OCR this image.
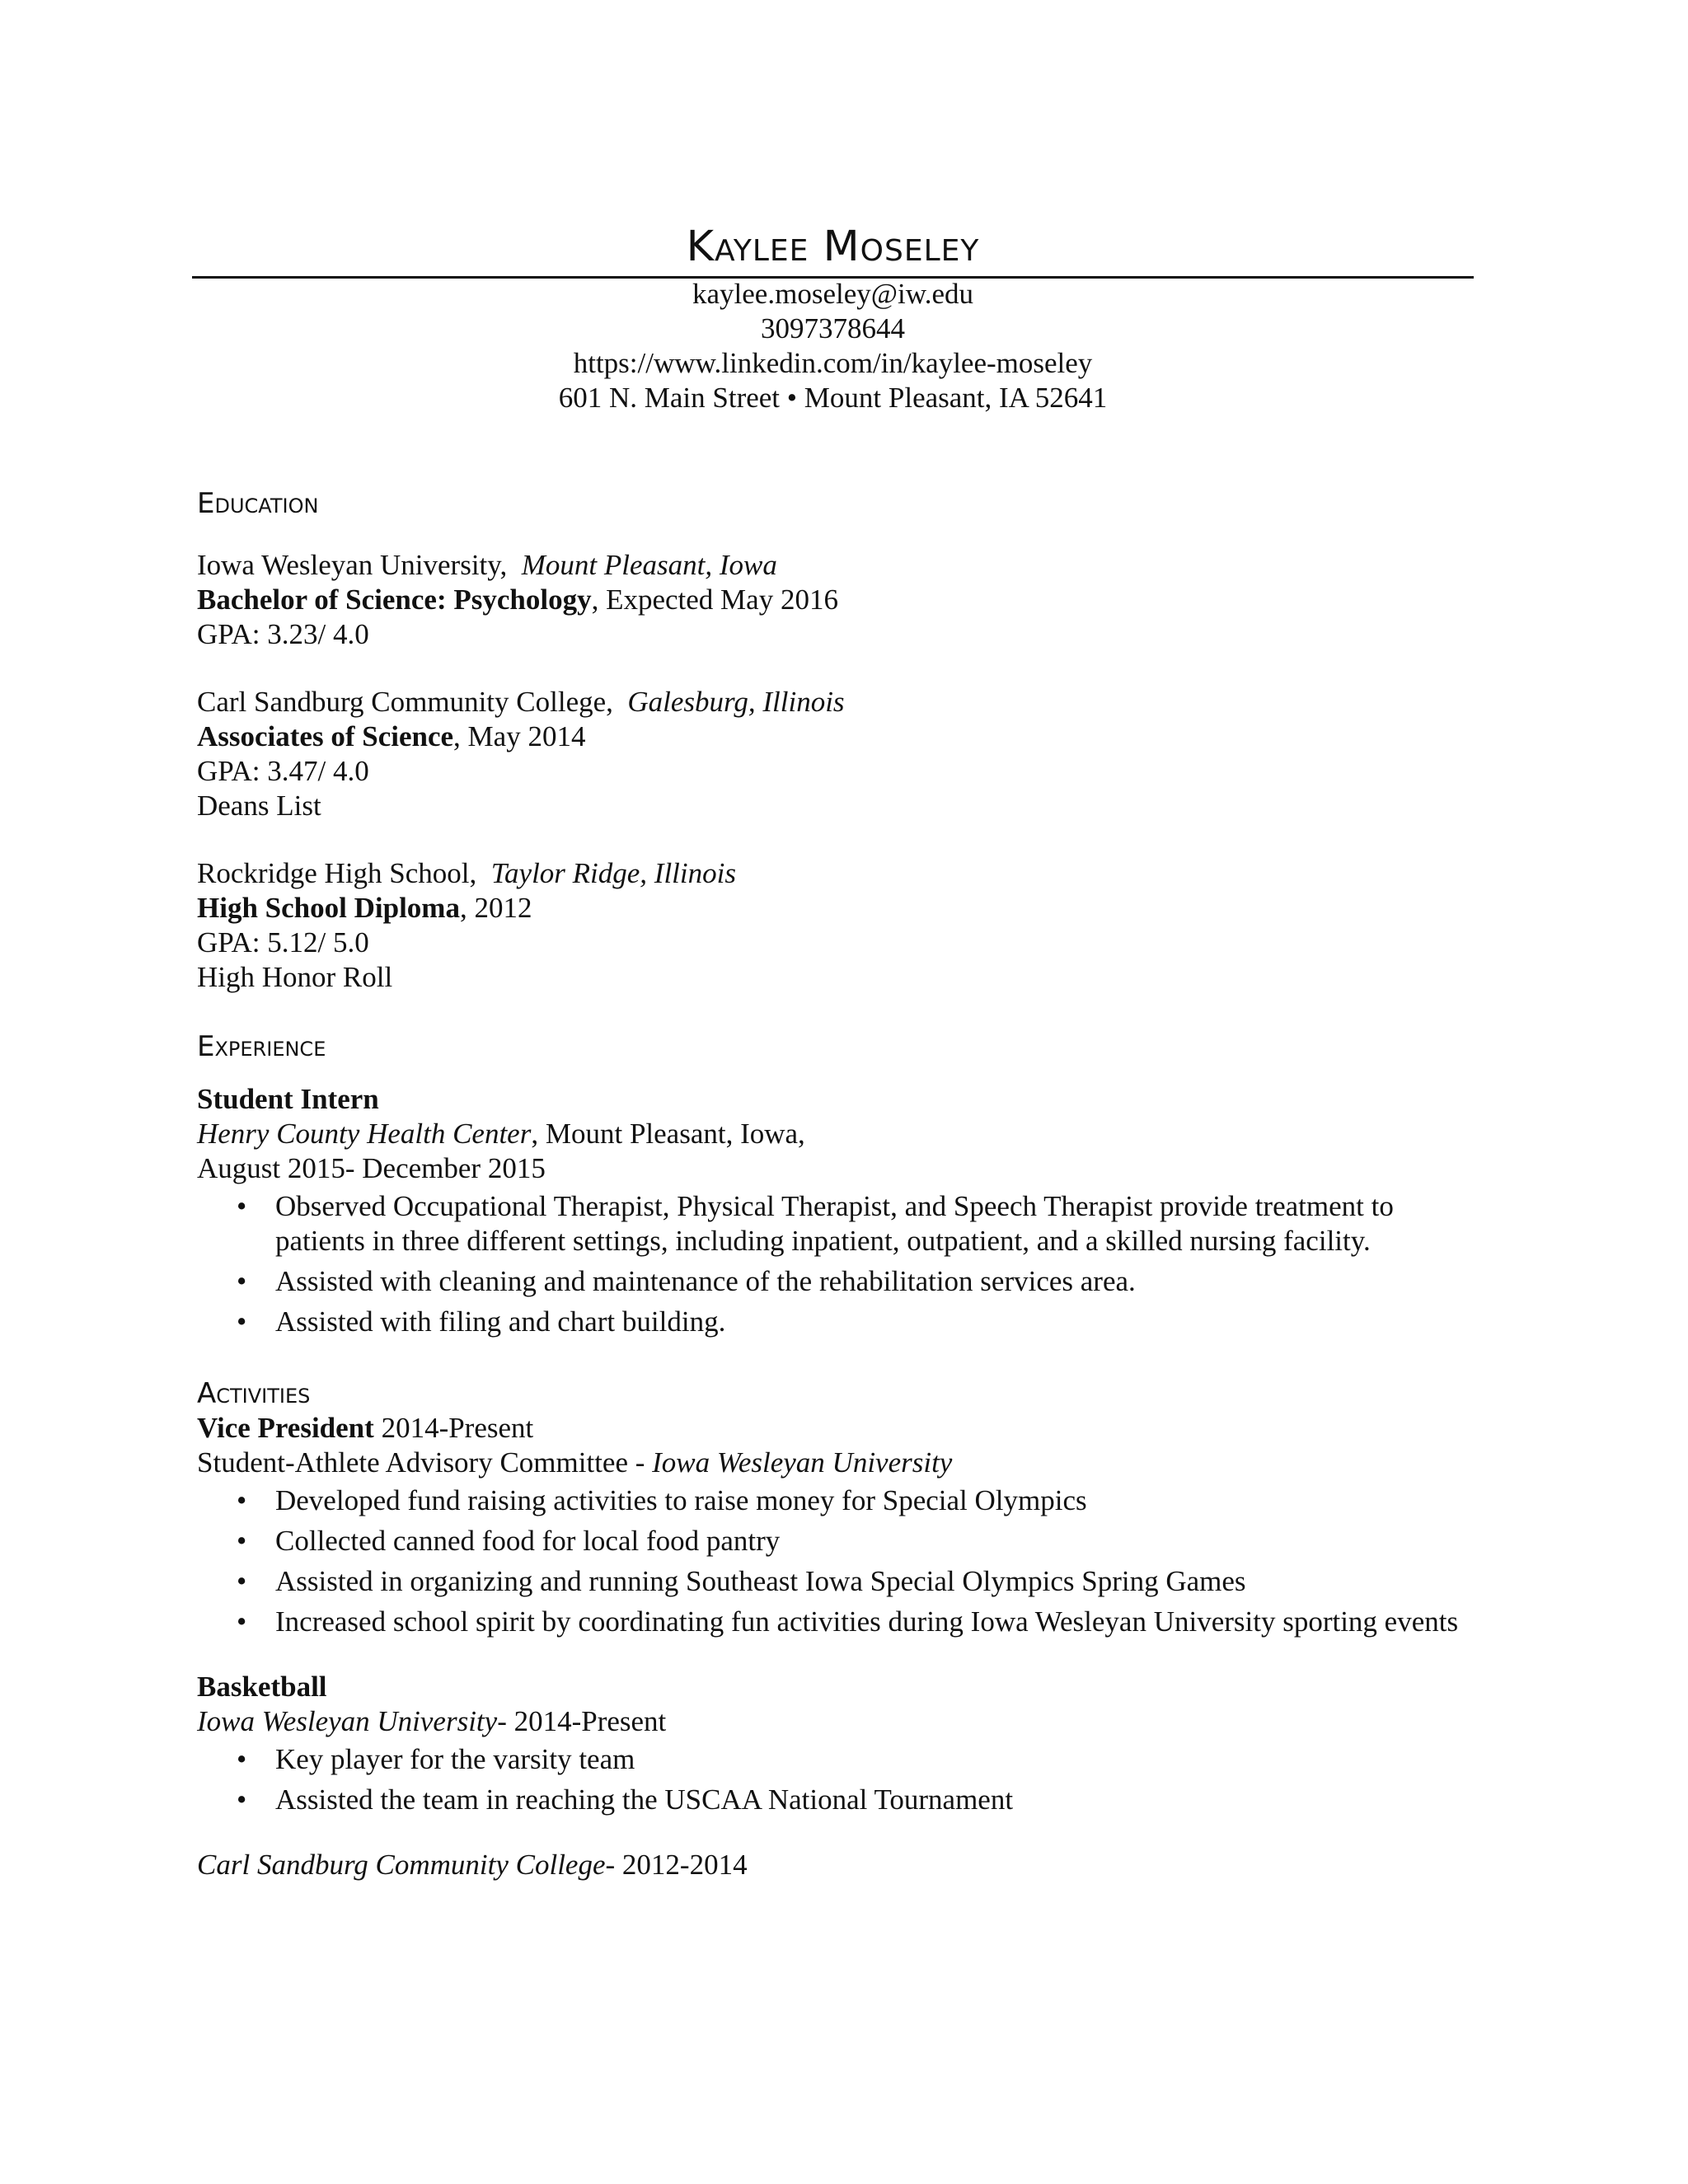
Kaylee Moseley
kaylee.moseley@iw.edu
3097378644
https://www.linkedin.com/in/kaylee-moseley
601 N. Main Street • Mount Pleasant, IA 52641
Education
Iowa Wesleyan University, Mount Pleasant, Iowa
Bachelor of Science: Psychology, Expected May 2016
GPA: 3.23/ 4.0
Carl Sandburg Community College, Galesburg, Illinois
Associates of Science, May 2014
GPA: 3.47/ 4.0
Deans List
Rockridge High School, Taylor Ridge, Illinois
High School Diploma, 2012
GPA: 5.12/ 5.0
High Honor Roll
Experience
Student Intern
Henry County Health Center, Mount Pleasant, Iowa,
August 2015- December 2015
• Observed Occupational Therapist, Physical Therapist, and Speech Therapist provide treatment to patients in three different settings, including inpatient, outpatient, and a skilled nursing facility.
• Assisted with cleaning and maintenance of the rehabilitation services area.
• Assisted with filing and chart building.
Activities
Vice President 2014-Present
Student-Athlete Advisory Committee - Iowa Wesleyan University
• Developed fund raising activities to raise money for Special Olympics
• Collected canned food for local food pantry
• Assisted in organizing and running Southeast Iowa Special Olympics Spring Games
• Increased school spirit by coordinating fun activities during Iowa Wesleyan University sporting events
Basketball
Iowa Wesleyan University- 2014-Present
• Key player for the varsity team
• Assisted the team in reaching the USCAA National Tournament
Carl Sandburg Community College- 2012-2014
